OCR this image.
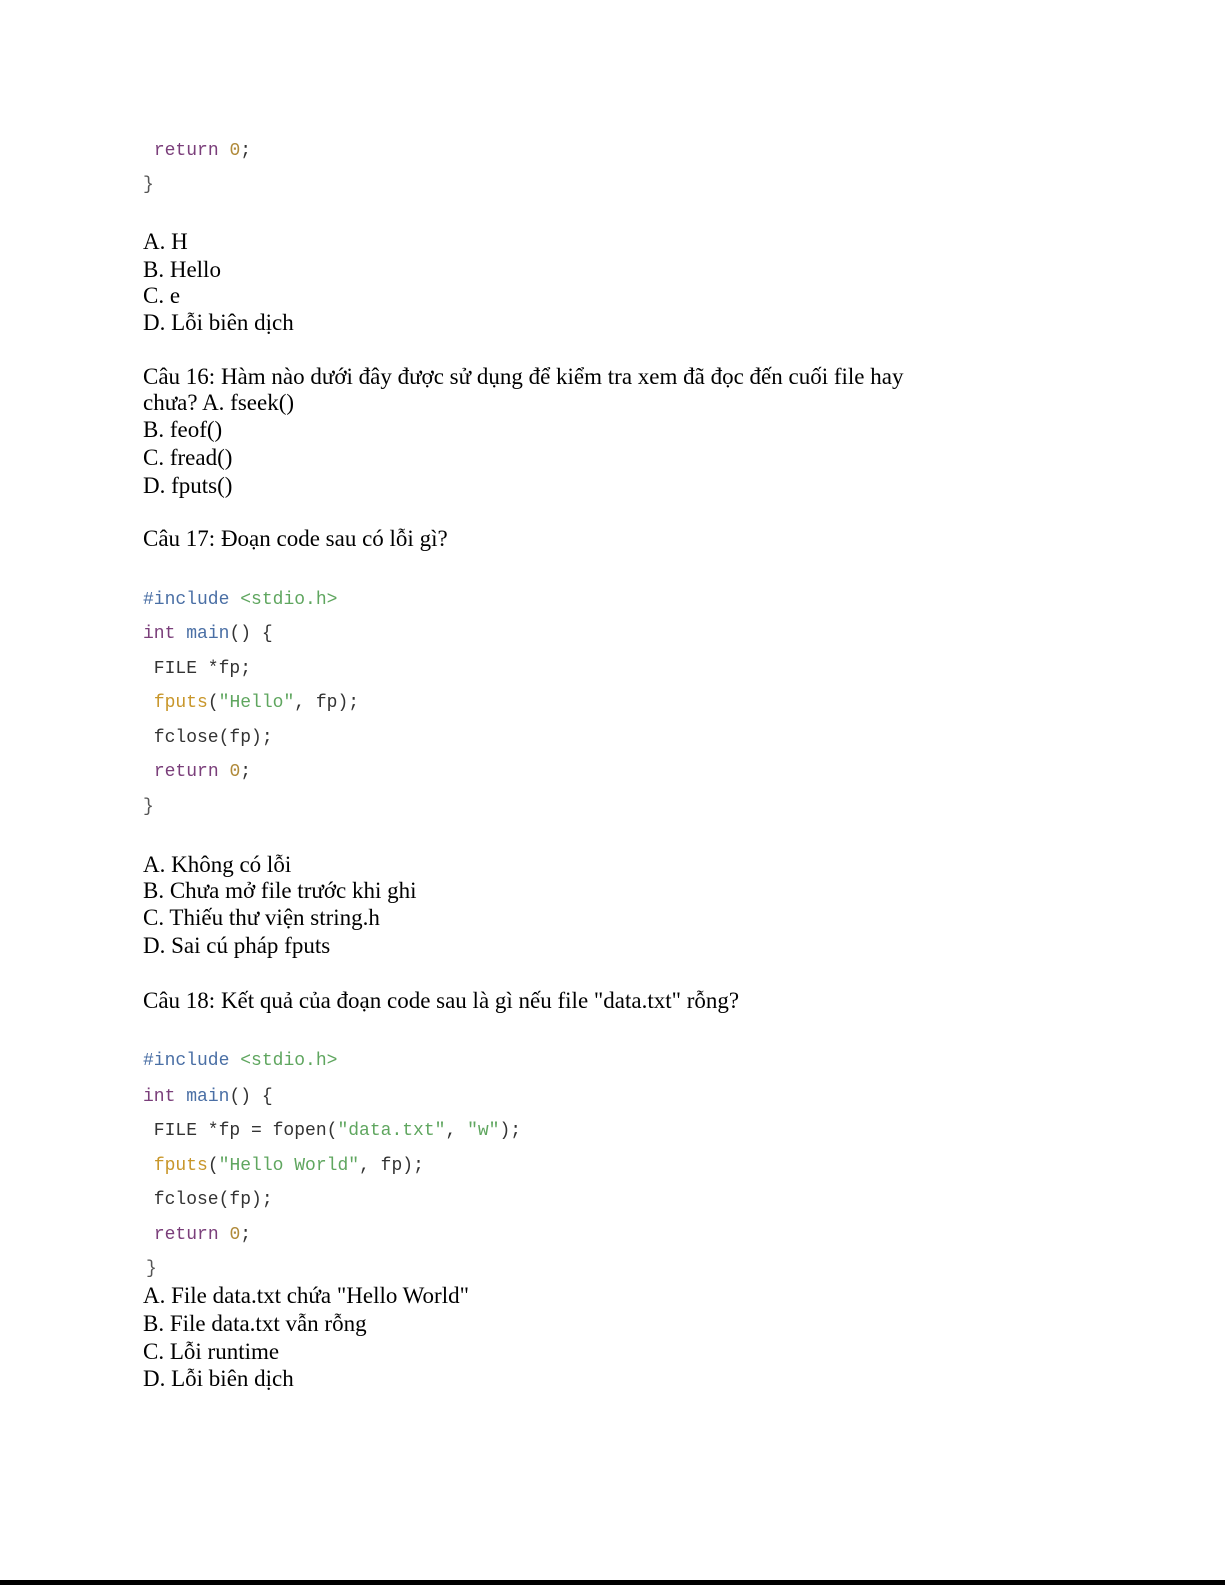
return 0;
}
A. H
B. Hello
C. e
D. Lỗi biên dịch
Câu 16: Hàm nào dưới đây được sử dụng để kiểm tra xem đã đọc đến cuối file hay
chưa? A. fseek()
B. feof()
C. fread()
D. fputs()
Câu 17: Đoạn code sau có lỗi gì?
#include <stdio.h>
int main() {
FILE *fp;
fputs("Hello", fp);
fclose(fp);
return 0;
}
A. Không có lỗi
B. Chưa mở file trước khi ghi
C. Thiếu thư viện string.h
D. Sai cú pháp fputs
Câu 18: Kết quả của đoạn code sau là gì nếu file "data.txt" rỗng?
#include <stdio.h>
int main() {
FILE *fp = fopen("data.txt", "w");
fputs("Hello World", fp);
fclose(fp);
return 0;
}
A. File data.txt chứa "Hello World"
B. File data.txt vẫn rỗng
C. Lỗi runtime
D. Lỗi biên dịch
